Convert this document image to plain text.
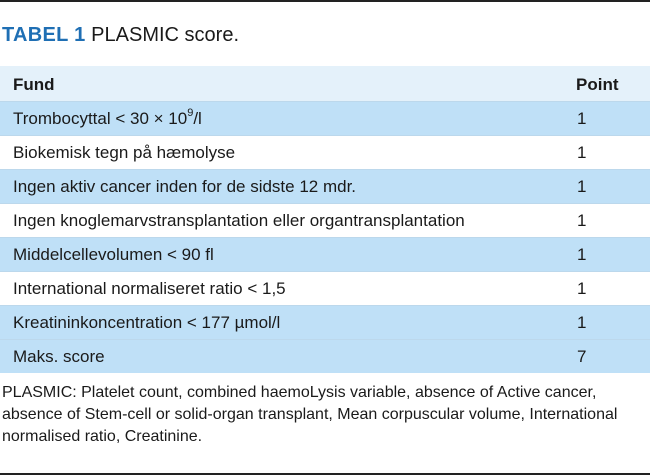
TABEL 1 PLASMIC score.
Fund	Point
Trombocyttal < $30 \times 10^9/l$	1
Biokemisk tegn på hæmolyse	1
Ingen aktiv cancer inden for de sidste 12 mdr.	1
Ingen knoglemarvstransplantation eller organtransplantation	1
Middelcellevolumen < 90 fl	1
International normaliseret ratio < 1,5	1
Kreatininkoncentration < 177 µmol/l	1
Maks. score	7
PLASMIC: Platelet count, combined haemoLysis variable, absence of Active cancer, absence of Stem-cell or solid-organ transplant, Mean corpuscular volume, International normalised ratio, Creatinine.
